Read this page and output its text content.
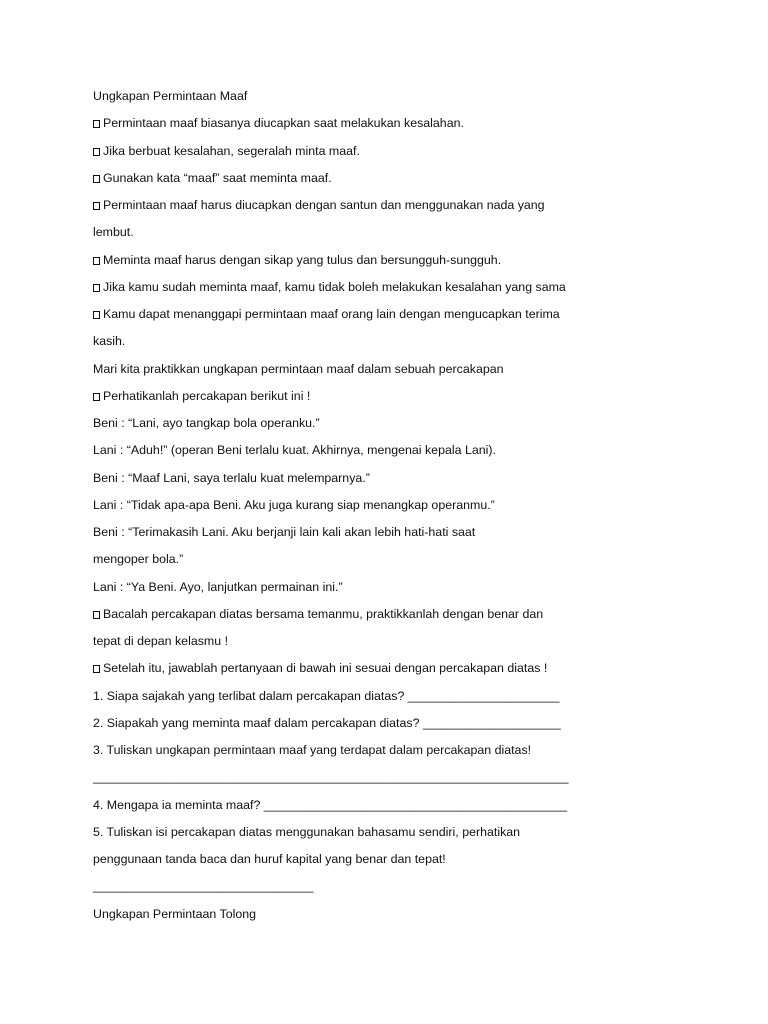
Ungkapan Permintaan Maaf
Permintaan maaf biasanya diucapkan saat melakukan kesalahan.
Jika berbuat kesalahan, segeralah minta maaf.
Gunakan kata “maaf” saat meminta maaf.
Permintaan maaf harus diucapkan dengan santun dan menggunakan nada yang
lembut.
Meminta maaf harus dengan sikap yang tulus dan bersungguh-sungguh.
Jika kamu sudah meminta maaf, kamu tidak boleh melakukan kesalahan yang sama
Kamu dapat menanggapi permintaan maaf orang lain dengan mengucapkan terima
kasih.
Mari kita praktikkan ungkapan permintaan maaf dalam sebuah percakapan
Perhatikanlah percakapan berikut ini !
Beni : “Lani, ayo tangkap bola operanku.”
Lani : “Aduh!” (operan Beni terlalu kuat. Akhirnya, mengenai kepala Lani).
Beni : “Maaf Lani, saya terlalu kuat melemparnya.”
Lani : “Tidak apa-apa Beni. Aku juga kurang siap menangkap operanmu.”
Beni : “Terimakasih Lani. Aku berjanji lain kali akan lebih hati-hati saat
mengoper bola.”
Lani : “Ya Beni. Ayo, lanjutkan permainan ini.”
Bacalah percakapan diatas bersama temanmu, praktikkanlah dengan benar dan
tepat di depan kelasmu !
Setelah itu, jawablah pertanyaan di bawah ini sesuai dengan percakapan diatas !
1. Siapa sajakah yang terlibat dalam percakapan diatas? ______________________
2. Siapakah yang meminta maaf dalam percakapan diatas? ____________________
3. Tuliskan ungkapan permintaan maaf yang terdapat dalam percakapan diatas!
_____________________________________________________________________
4. Mengapa ia meminta maaf? ____________________________________________
5. Tuliskan isi percakapan diatas menggunakan bahasamu sendiri, perhatikan
penggunaan tanda baca dan huruf kapital yang benar dan tepat!
________________________________
Ungkapan Permintaan Tolong
